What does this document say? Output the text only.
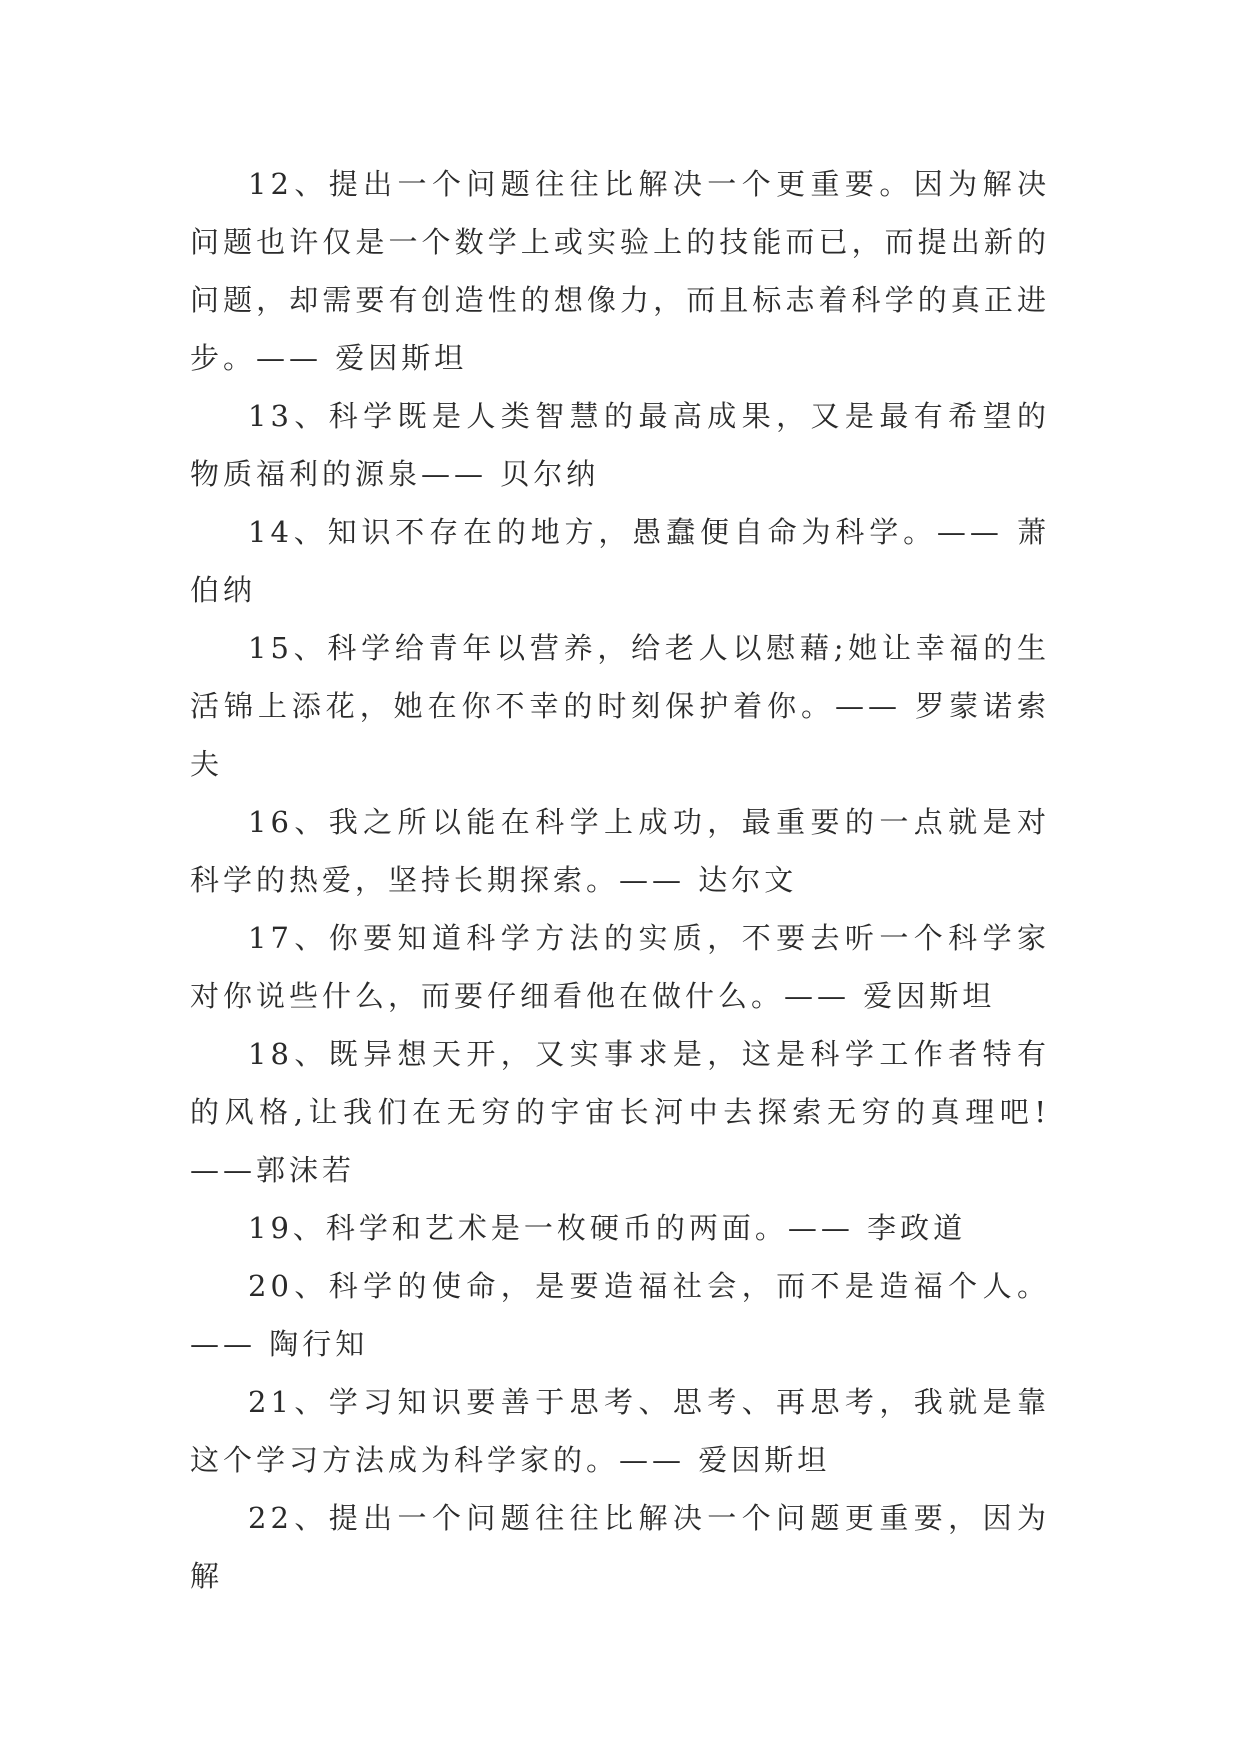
12、提出一个问题往往比解决一个更重要。因为解决问题也许仅是一个数学上或实验上的技能而已，而提出新的问题，却需要有创造性的想像力，而且标志着科学的真正进步。—— 爱因斯坦

13、科学既是人类智慧的最高成果，又是最有希望的物质福利的源泉—— 贝尔纳

14、知识不存在的地方，愚蠢便自命为科学。—— 萧伯纳

15、科学给青年以营养，给老人以慰藉;她让幸福的生活锦上添花，她在你不幸的时刻保护着你。—— 罗蒙诺索夫

16、我之所以能在科学上成功，最重要的一点就是对科学的热爱，坚持长期探索。—— 达尔文

17、你要知道科学方法的实质，不要去听一个科学家对你说些什么，而要仔细看他在做什么。—— 爱因斯坦

18、既异想天开，又实事求是，这是科学工作者特有的风格,让我们在无穷的宇宙长河中去探索无穷的真理吧!——郭沫若

19、科学和艺术是一枚硬币的两面。—— 李政道

20、科学的使命，是要造福社会，而不是造福个人。—— 陶行知

21、学习知识要善于思考、思考、再思考，我就是靠这个学习方法成为科学家的。—— 爱因斯坦

22、提出一个问题往往比解决一个问题更重要，因为解
